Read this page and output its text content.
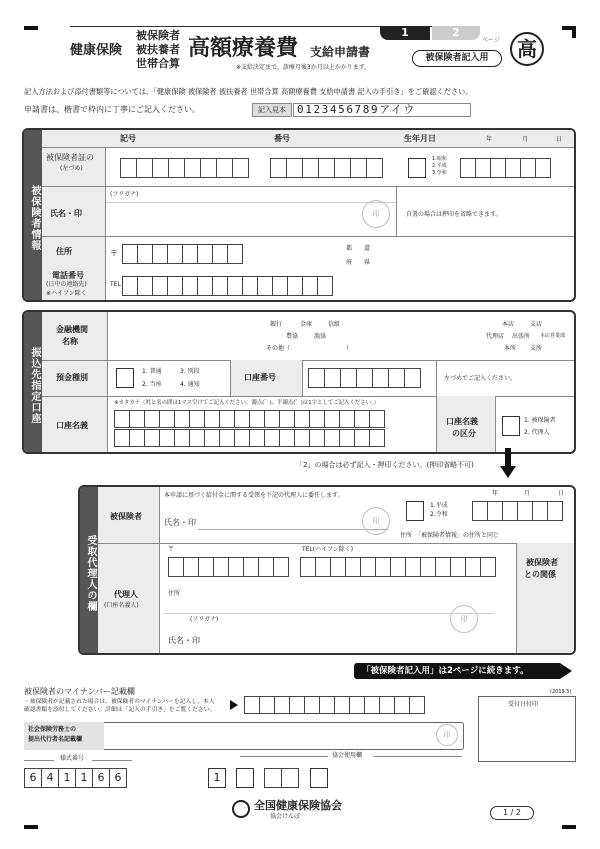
健康保険
被保険者
被扶養者
世帯合算
高額療養費 支給申請書
※支給決定まで、診療月後3か月以上かかります。
1	2
ページ
被保険者記入用	高
記入方法および添付書類等については、「健康保険 被保険者 被扶養者 世帯合算 高額療養費 支給申請書 記入の手引き」をご確認ください。
申請書は、楷書で枠内に丁寧にご記入ください。	記入見本	0123456789アイウ
被保険者情報
記号	番号	生年月日	年	月	日
被保険者証の
(左づめ)
1.昭和
2.平成
3.令和
(フリガナ)
氏名・印	印	自署の場合は押印を省略できます。
住所	〒
都 道
府 県
電話番号
(日中の連絡先)
※ハイフン除く
TEL
振込先指定口座
金融機関
名称
銀行	金庫	信組
農協	漁協
その他（	）
本店	支店
代理店 出張所 本店営業部
本所 支所
預金種別
1. 普通	3. 別段
2. 当座	4. 通知
口座番号	左づめでご記入ください。
口座名義
※カタカナ（姓と名の間は1マス空けてご記入ください。濁点(゛)、半濁点(゜)は1字としてご記入ください。）
口座名義
の区分
1. 被保険者
2. 代理人
「2」の場合は必ず記入・押印ください。(押印省略不可)
受取代理人の欄
被保険者
本申請に基づく給付金に関する受領を下記の代理人に委任します。
氏名・印	印
年	月	日
1.平成
2.令和
住所　「被保険者情報」の住所と同じ
代理人
(口座名義人)
〒	TEL(ハイフン除く)
被保険者
との関係
住所
(フリガナ)
氏名・印
印
「被保険者記入用」は2ページに続きます。
被保険者のマイナンバー記載欄
・被保険者が記載された場合は、被保険者のマイナンバーを記入し、本人
確認書類を添付してください。詳細は「記入の手引き」をご覧ください。
(2019.5)
受付日付印
社会保険労務士の
提出代行者名記載欄
印
様式番号
6 4 1 1 6 6
協会使用欄
1
全国健康保険協会
協会けんぽ	1 / 2
